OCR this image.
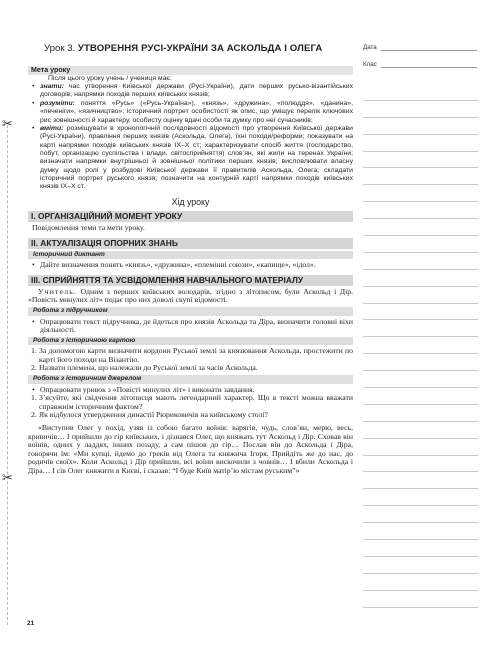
Урок 3. УТВОРЕННЯ РУСІ-УКРАЇНИ ЗА АСКОЛЬДА І ОЛЕГА	Дата
Клас
✂
✂
Мета уроку
Після цього уроку учень / учениця має:
• знати: час утворення Київської держави (Русі-України), дати перших русько-візантійських договорів; напрямки походів перших київських князів;
• розуміти: поняття «Русь» («Русь-Україна»), «князь», «дружина», «полюддя», «данина», «печеніги», «язичництво»; історичний портрет особистості як опис, що уміщує перелік ключових рис зовнішності й характеру, особисту оцінку вдачі особи та думку про неї сучасників;
• вміти: розміщувати в хронологічній послідовності відомості про утворення Київської держави (Русі-України), правління перших князів (Аскольда, Олега), їхні походи/реформи; показувати на карті напрямки походів київських князів ІХ–Х ст; характеризувати спосіб життя (господарство, побут, організацію суспільства і влади, світосприйняття) слов’ян, які жили на теренах України; визначати напрямки внутрішньої й зовнішньої політики перших князів; висловлювати власну думку щодо ролі у розбудові Київської держави її правителів Аскольда, Олега; складати історичний портрет руського князя; позначити на контурній карті напрямки походів київських князів ІХ–Х ст.
Хід уроку
І. ОРГАНІЗАЦІЙНИЙ МОМЕНТ УРОКУ
Повідомлення теми та мети уроку.
ІІ. АКТУАЛІЗАЦІЯ ОПОРНИХ ЗНАНЬ
Історичний диктант
• Дайте визначення понять «князь», «дружина», «племінні союзи», «капище», «ідол».
ІІІ. СПРИЙНЯТТЯ ТА УСВІДОМЛЕННЯ НАВЧАЛЬНОГО МАТЕРІАЛУ
Учитель. Одним з перших київських володарів, згідно з літописом, були Аскольд і Дір. «Повість минулих літ» подає про них доволі скупі відомості.
Робота з підручником
• Опрацювати текст підручника, де йдеться про князів Аскольда та Діра, визначити головні віхи діяльності.
Робота з історичною картою
1. За допомогою карти визначити кордони Руської землі за князювання Аскольда, простежити по карті його походи на Візантію.
2. Назвати племена, що належали до Руської землі за часів Аскольда.
Робота з історичним джерелом
• Опрацювати уривок з «Повісті минулих літ» і виконати завдання.
1. З’ясуйте, які свідчення літописця мають легендарний характер. Що в тексті можна вважати справжнім історичним фактом?
2. Як відбулося утвердження династії Рюриковичів на київському столі?
«Виступив Олег у похід, узяв із собою багато воїнів: варягів, чудь, слов’ян, мерю, весь, кривичів… І прийшли до гір київських, і дізнався Олег, що княжать тут Аскольд і Дір. Сховав він воїнів, одних у ладдях, інших позаду, а сам пішов до гір… Послав він до Аскольда і Діра, говорячи їм: «Ми купці, йдемо до греків від Олега та княжича Ігоря. Прийдіть же до нас, до родичів своїх». Коли Аскольд і Дір прийшли, всі воїни вискочили з човнів… І вбили Аскольда і Діра… І сів Олег княжити в Києві, і сказав: “І буде Київ матір’ю містам руським”»
21
